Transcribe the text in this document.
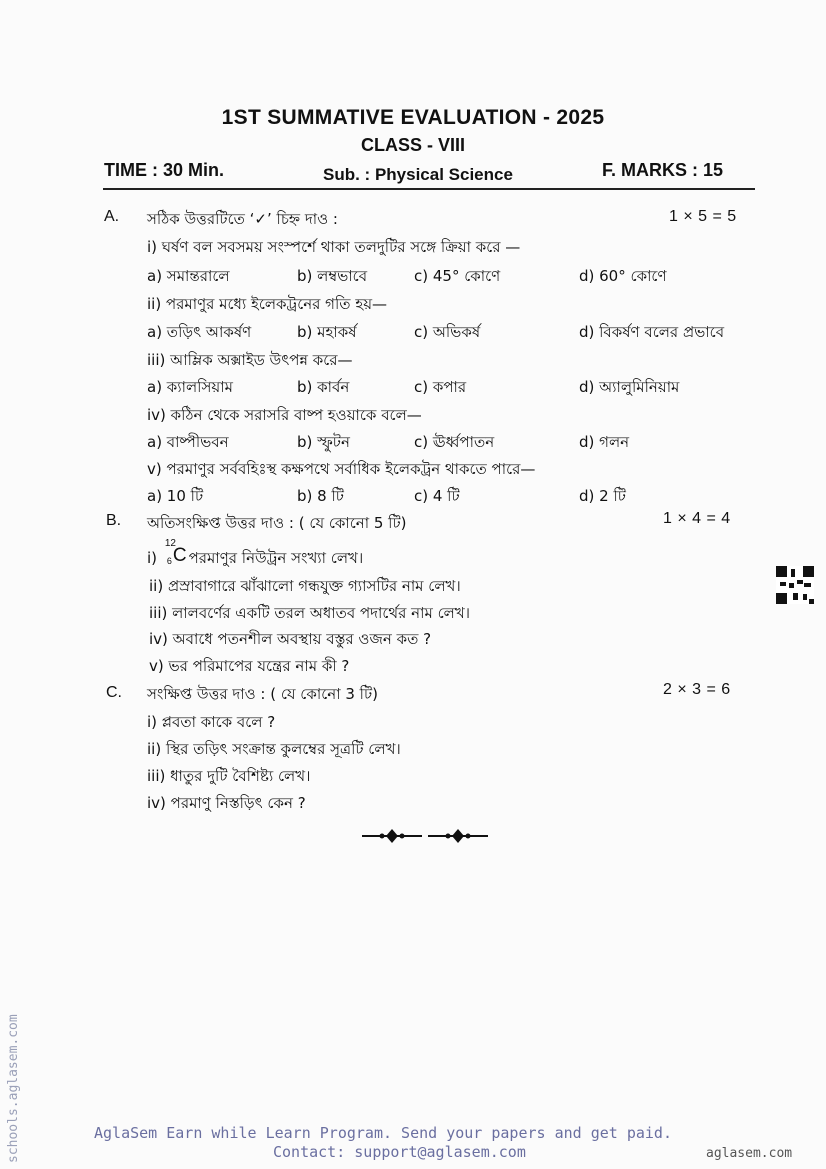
1ST SUMMATIVE EVALUATION - 2025
CLASS - VIII
TIME : 30 Min.	Sub. : Physical Science	F. MARKS : 15
A. সঠিক উত্তরটিতে ‘✓’ চিহ্ন দাও :	1 × 5 = 5
i) ঘর্ষণ বল সবসময় সংস্পর্শে থাকা তলদুটির সঙ্গে ক্রিয়া করে —
a) সমান্তরালে	b) লম্বভাবে	c) 45° কোণে	d) 60° কোণে
ii) পরমাণুর মধ্যে ইলেকট্রনের গতি হয়—
a) তড়িৎ আকর্ষণ	b) মহাকর্ষ	c) অভিকর্ষ	d) বিকর্ষণ বলের প্রভাবে
iii) আম্লিক অক্সাইড উৎপন্ন করে—
a) ক্যালসিয়াম	b) কার্বন	c) কপার	d) অ্যালুমিনিয়াম
iv) কঠিন থেকে সরাসরি বাষ্প হওয়াকে বলে—
a) বাষ্পীভবন	b) স্ফুটন	c) ঊর্ধ্বপাতন	d) গলন
v) পরমাণুর সর্ববহিঃস্থ কক্ষপথে সর্বাধিক ইলেকট্রন থাকতে পারে—
a) 10 টি	b) 8 টি	c) 4 টি	d) 2 টি
B. অতিসংক্ষিপ্ত উত্তর দাও : ( যে কোনো 5 টি)	1 × 4 = 4
i)
12
6 C পরমাণুর নিউট্রন সংখ্যা লেখ।
ii) প্রস্রাবাগারে ঝাঁঝালো গন্ধযুক্ত গ্যাসটির নাম লেখ।
iii) লালবর্ণের একটি তরল অধাতব পদার্থের নাম লেখ।
iv) অবাধে পতনশীল অবস্থায় বস্তুর ওজন কত ?
v) ভর পরিমাপের যন্ত্রের নাম কী ?
C. সংক্ষিপ্ত উত্তর দাও : ( যে কোনো 3 টি)	2 × 3 = 6
i) প্লবতা কাকে বলে ?
ii) স্থির তড়িৎ সংক্রান্ত কুলম্বের সূত্রটি লেখ।
iii) ধাতুর দুটি বৈশিষ্ট্য লেখ।
iv) পরমাণু নিস্তড়িৎ কেন ?
AglaSem Earn while Learn Program. Send your papers and get paid.
Contact: support@aglasem.com	aglasem.com
schools.aglasem.com
